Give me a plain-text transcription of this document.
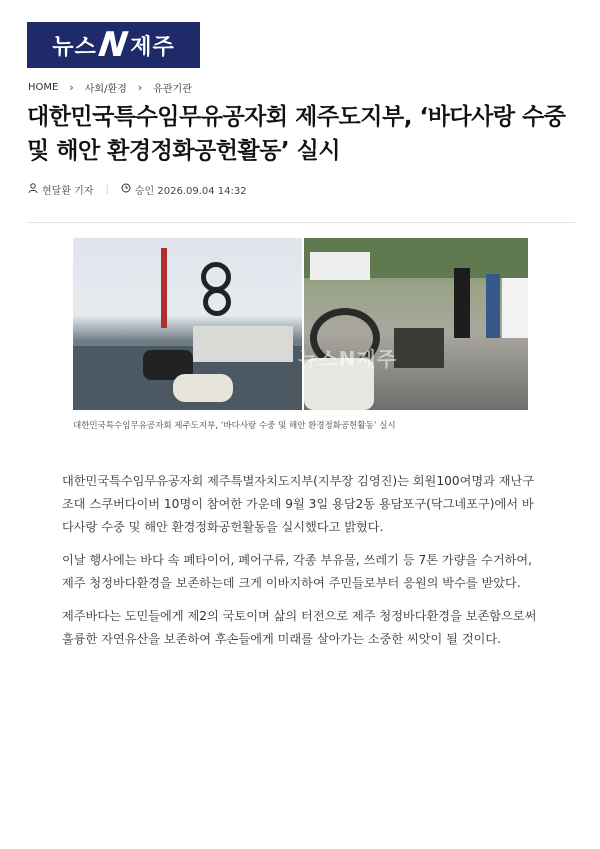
뉴스 N 제주
HOME › 사회/환경 › 유관기관
대한민국특수임무유공자회 제주도지부, ‘바다사랑 수중 및 해안 환경정화공헌활동’ 실시
현달환 기자 |	승인 2026.09.04 14:32
뉴스N제주
대한민국특수임무유공자회 제주도지부, ‘바다사랑 수중 및 해안 환경정화공헌활동’ 실시

대한민국특수임무유공자회 제주특별자치도지부(지부장 김영진)는 회원100여명과 재난구조대 스쿠버다이버 10명이 참여한 가운데 9월 3일 용담2동 용담포구(닥그네포구)에서 바다사랑 수중 및 해안 환경정화공헌활동을 실시했다고 밝혔다.

이날 행사에는 바다 속 폐타이어, 폐어구류, 각종 부유물, 쓰레기 등 7톤 가량을 수거하여, 제주 청정바다환경을 보존하는데 크게 이바지하여 주민들로부터 응원의 박수를 받았다.

제주바다는 도민들에게 제2의 국토이며 삶의 터전으로 제주 청정바다환경을 보존함으로써 훌륭한 자연유산을 보존하여 후손들에게 미래를 살아가는 소중한 씨앗이 될 것이다.
